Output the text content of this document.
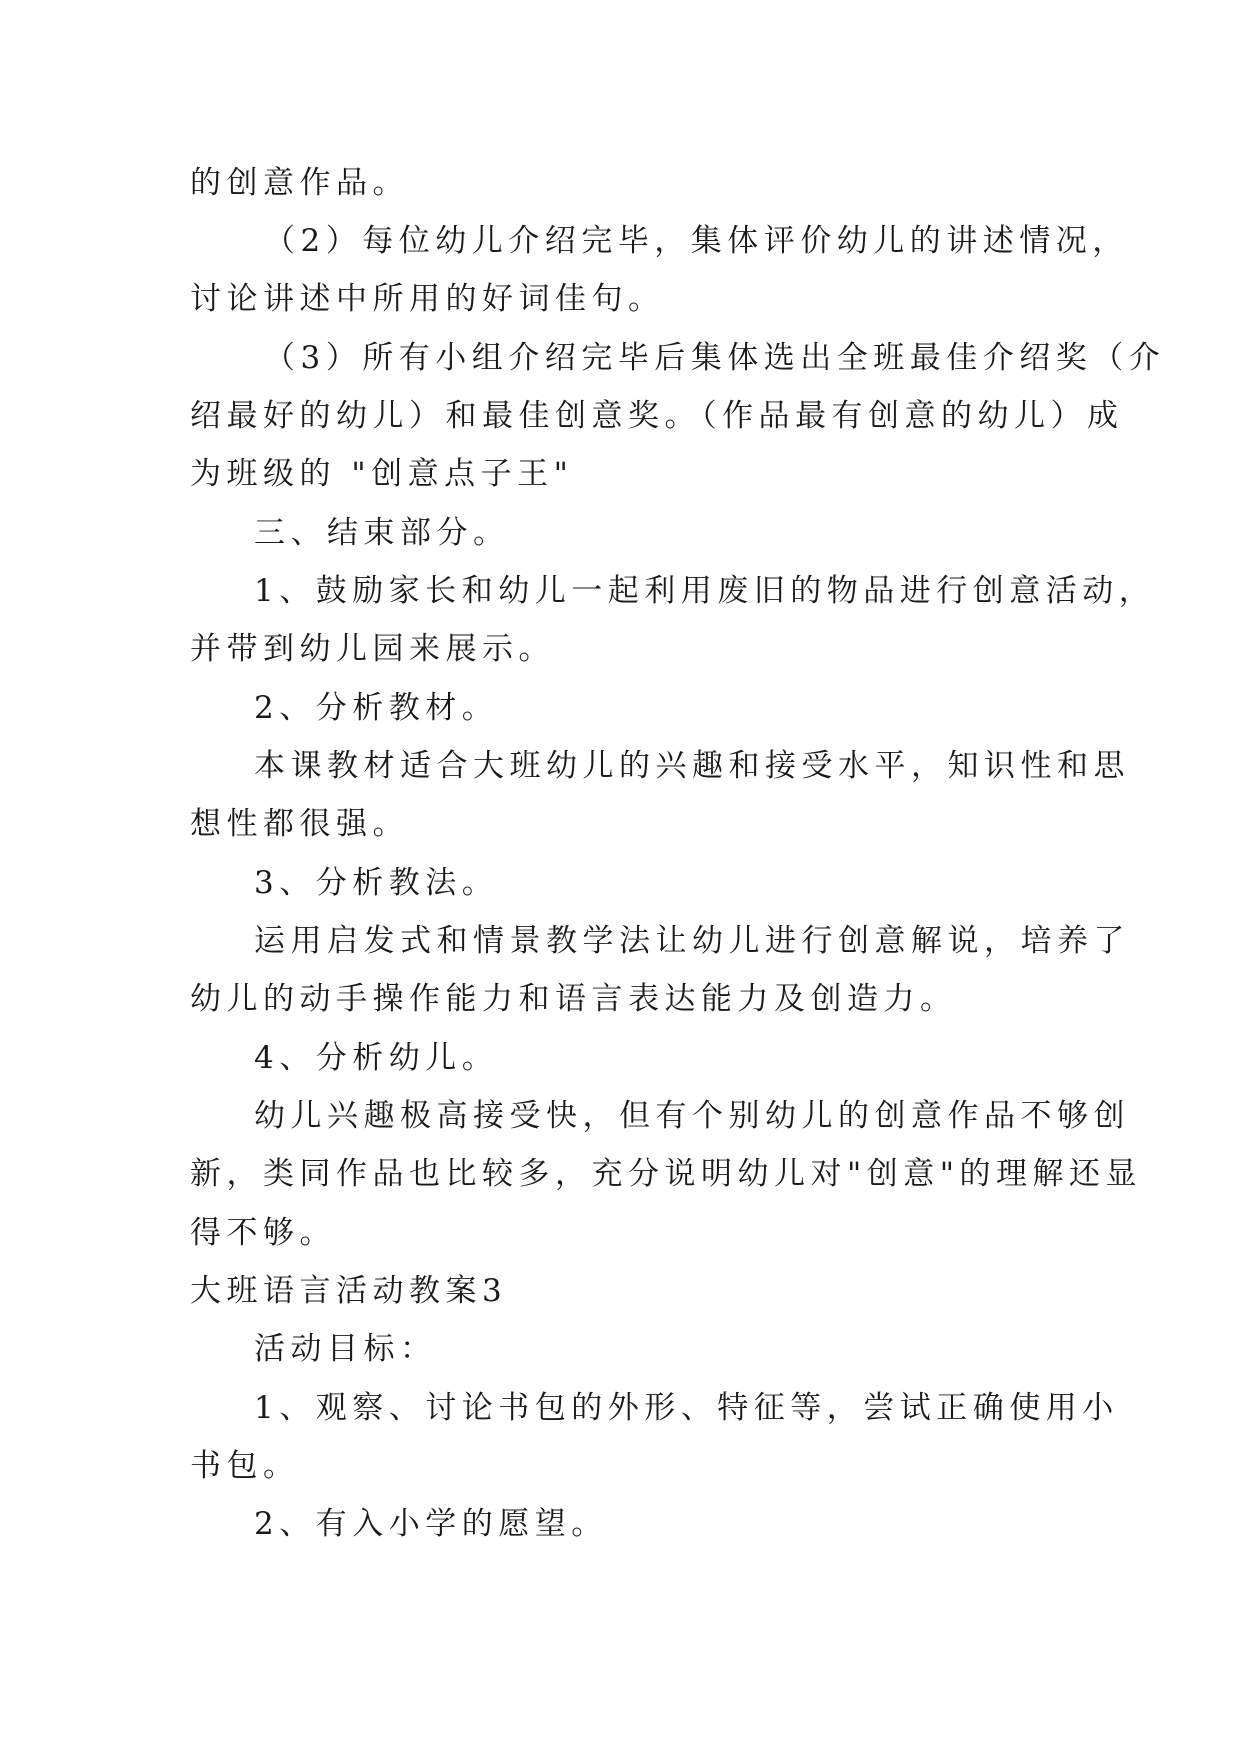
的创意作品。
（2）每位幼儿介绍完毕，集体评价幼儿的讲述情况，
讨论讲述中所用的好词佳句。
（3）所有小组介绍完毕后集体选出全班最佳介绍奖（介
绍最好的幼儿）和最佳创意奖。（作品最有创意的幼儿）成
为班级的 "创意点子王"
三、结束部分。
1、鼓励家长和幼儿一起利用废旧的物品进行创意活动，
并带到幼儿园来展示。
2、分析教材。
本课教材适合大班幼儿的兴趣和接受水平，知识性和思
想性都很强。
3、分析教法。
运用启发式和情景教学法让幼儿进行创意解说，培养了
幼儿的动手操作能力和语言表达能力及创造力。
4、分析幼儿。
幼儿兴趣极高接受快，但有个别幼儿的创意作品不够创
新，类同作品也比较多，充分说明幼儿对"创意"的理解还显
得不够。
大班语言活动教案3
活动目标：
1、观察、讨论书包的外形、特征等，尝试正确使用小
书包。
2、有入小学的愿望。
